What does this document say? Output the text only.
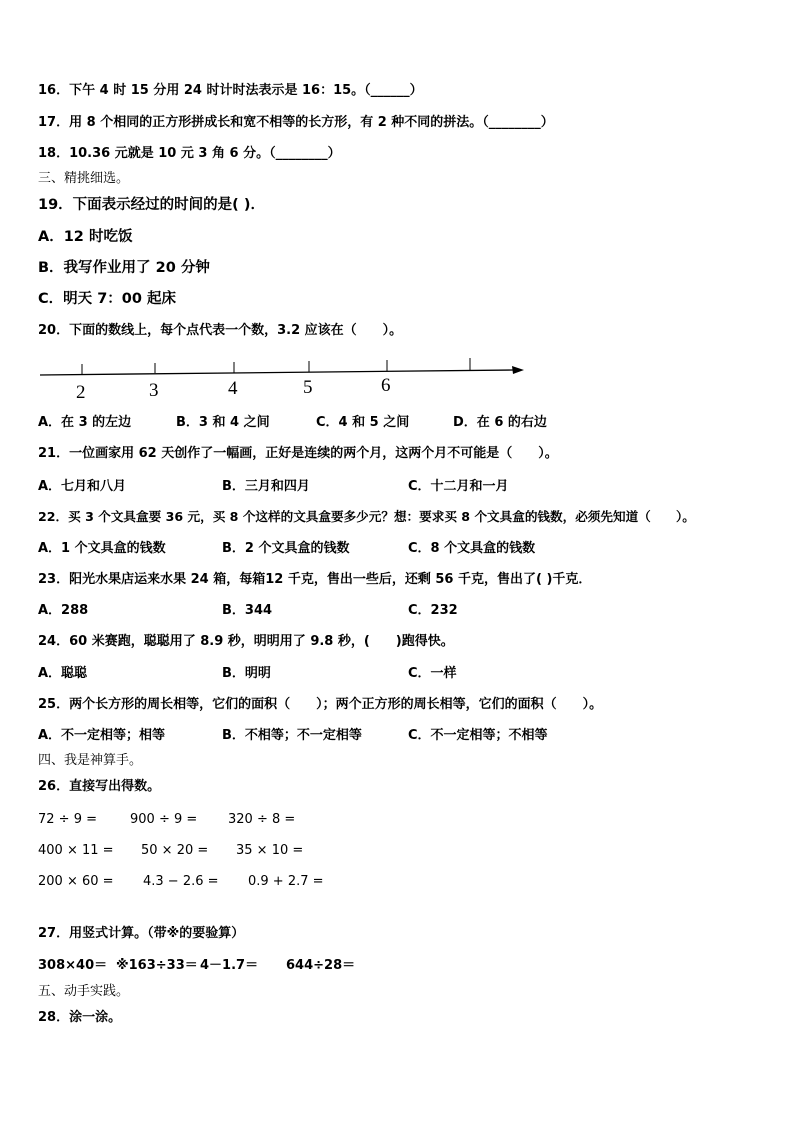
16．下午 4 时 15 分用 24 时计时法表示是 16：15。（______）
17．用 8 个相同的正方形拼成长和宽不相等的长方形，有 2 种不同的拼法。（________）
18．10.36 元就是 10 元 3 角 6 分。（________）
三、精挑细选。
19．下面表示经过的时间的是( )．
A．12 时吃饭
B．我写作业用了 20 分钟
C．明天 7：00 起床
20．下面的数线上，每个点代表一个数，3.2 应该在（　　）。
2	3	4	5	6
A．在 3 的左边	B．3 和 4 之间	C．4 和 5 之间	D．在 6 的右边
21．一位画家用 62 天创作了一幅画，正好是连续的两个月，这两个月不可能是（　　）。
A．七月和八月	B．三月和四月	C．十二月和一月
22．买 3 个文具盒要 36 元，买 8 个这样的文具盒要多少元？想：要求买 8 个文具盒的钱数，必须先知道（　　）。
A．1 个文具盒的钱数	B．2 个文具盒的钱数	C．8 个文具盒的钱数
23．阳光水果店运来水果 24 箱，每箱12 千克，售出一些后，还剩 56 千克，售出了( )千克．
A．288	B．344	C．232
24．60 米赛跑，聪聪用了 8.9 秒，明明用了 9.8 秒，(　　)跑得快。
A．聪聪	B．明明	C．一样
25．两个长方形的周长相等，它们的面积（　　）；两个正方形的周长相等，它们的面积（　　）。
A．不一定相等；相等	B．不相等；不一定相等	C．不一定相等；不相等
四、我是神算手。
26．直接写出得数。
72 ÷ 9 =	900 ÷ 9 = 320 ÷ 8 =
400 × 11 = 50 × 20 = 35 × 10 =
200 × 60 = 4.3 − 2.6 = 0.9 + 2.7 =
27．用竖式计算。（带※的要验算）
308×40＝ ※163÷33＝ 4－1.7＝ 644÷28＝
五、动手实践。
28．涂一涂。
